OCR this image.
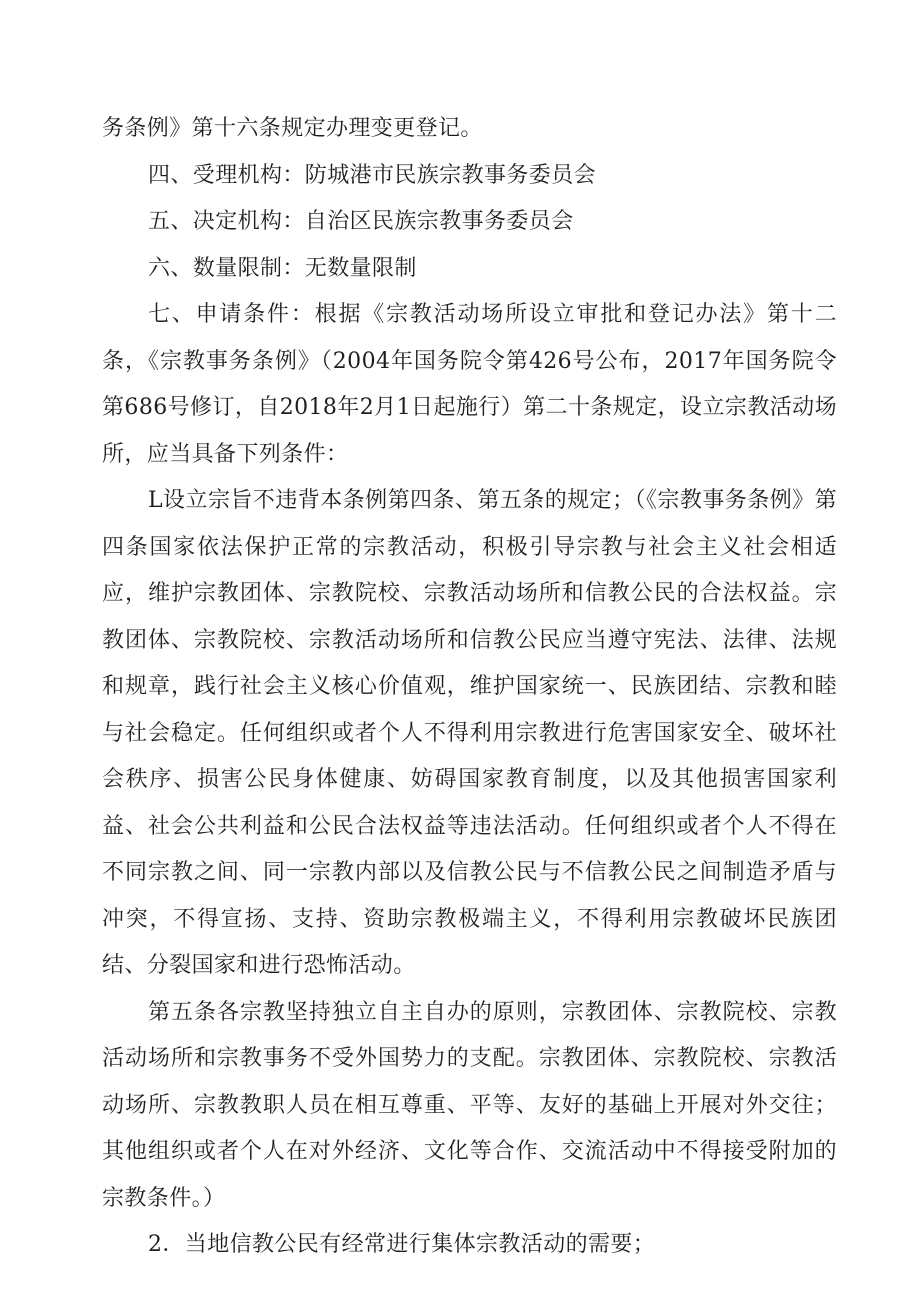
务条例》第十六条规定办理变更登记。

四、受理机构：防城港市民族宗教事务委员会

五、决定机构：自治区民族宗教事务委员会

六、数量限制：无数量限制

七、申请条件：根据《宗教活动场所设立审批和登记办法》第十二条，《宗教事务条例》（2004年国务院令第426号公布，2017年国务院令第686号修订，自2018年2月1日起施行）第二十条规定，设立宗教活动场所，应当具备下列条件：

L设立宗旨不违背本条例第四条、第五条的规定；（《宗教事务条例》第四条国家依法保护正常的宗教活动，积极引导宗教与社会主义社会相适应，维护宗教团体、宗教院校、宗教活动场所和信教公民的合法权益。宗教团体、宗教院校、宗教活动场所和信教公民应当遵守宪法、法律、法规和规章，践行社会主义核心价值观，维护国家统一、民族团结、宗教和睦与社会稳定。任何组织或者个人不得利用宗教进行危害国家安全、破坏社会秩序、损害公民身体健康、妨碍国家教育制度，以及其他损害国家利益、社会公共利益和公民合法权益等违法活动。任何组织或者个人不得在不同宗教之间、同一宗教内部以及信教公民与不信教公民之间制造矛盾与冲突，不得宣扬、支持、资助宗教极端主义，不得利用宗教破坏民族团结、分裂国家和进行恐怖活动。

第五条各宗教坚持独立自主自办的原则，宗教团体、宗教院校、宗教活动场所和宗教事务不受外国势力的支配。宗教团体、宗教院校、宗教活动场所、宗教教职人员在相互尊重、平等、友好的基础上开展对外交往；其他组织或者个人在对外经济、文化等合作、交流活动中不得接受附加的宗教条件。）

2．当地信教公民有经常进行集体宗教活动的需要；
